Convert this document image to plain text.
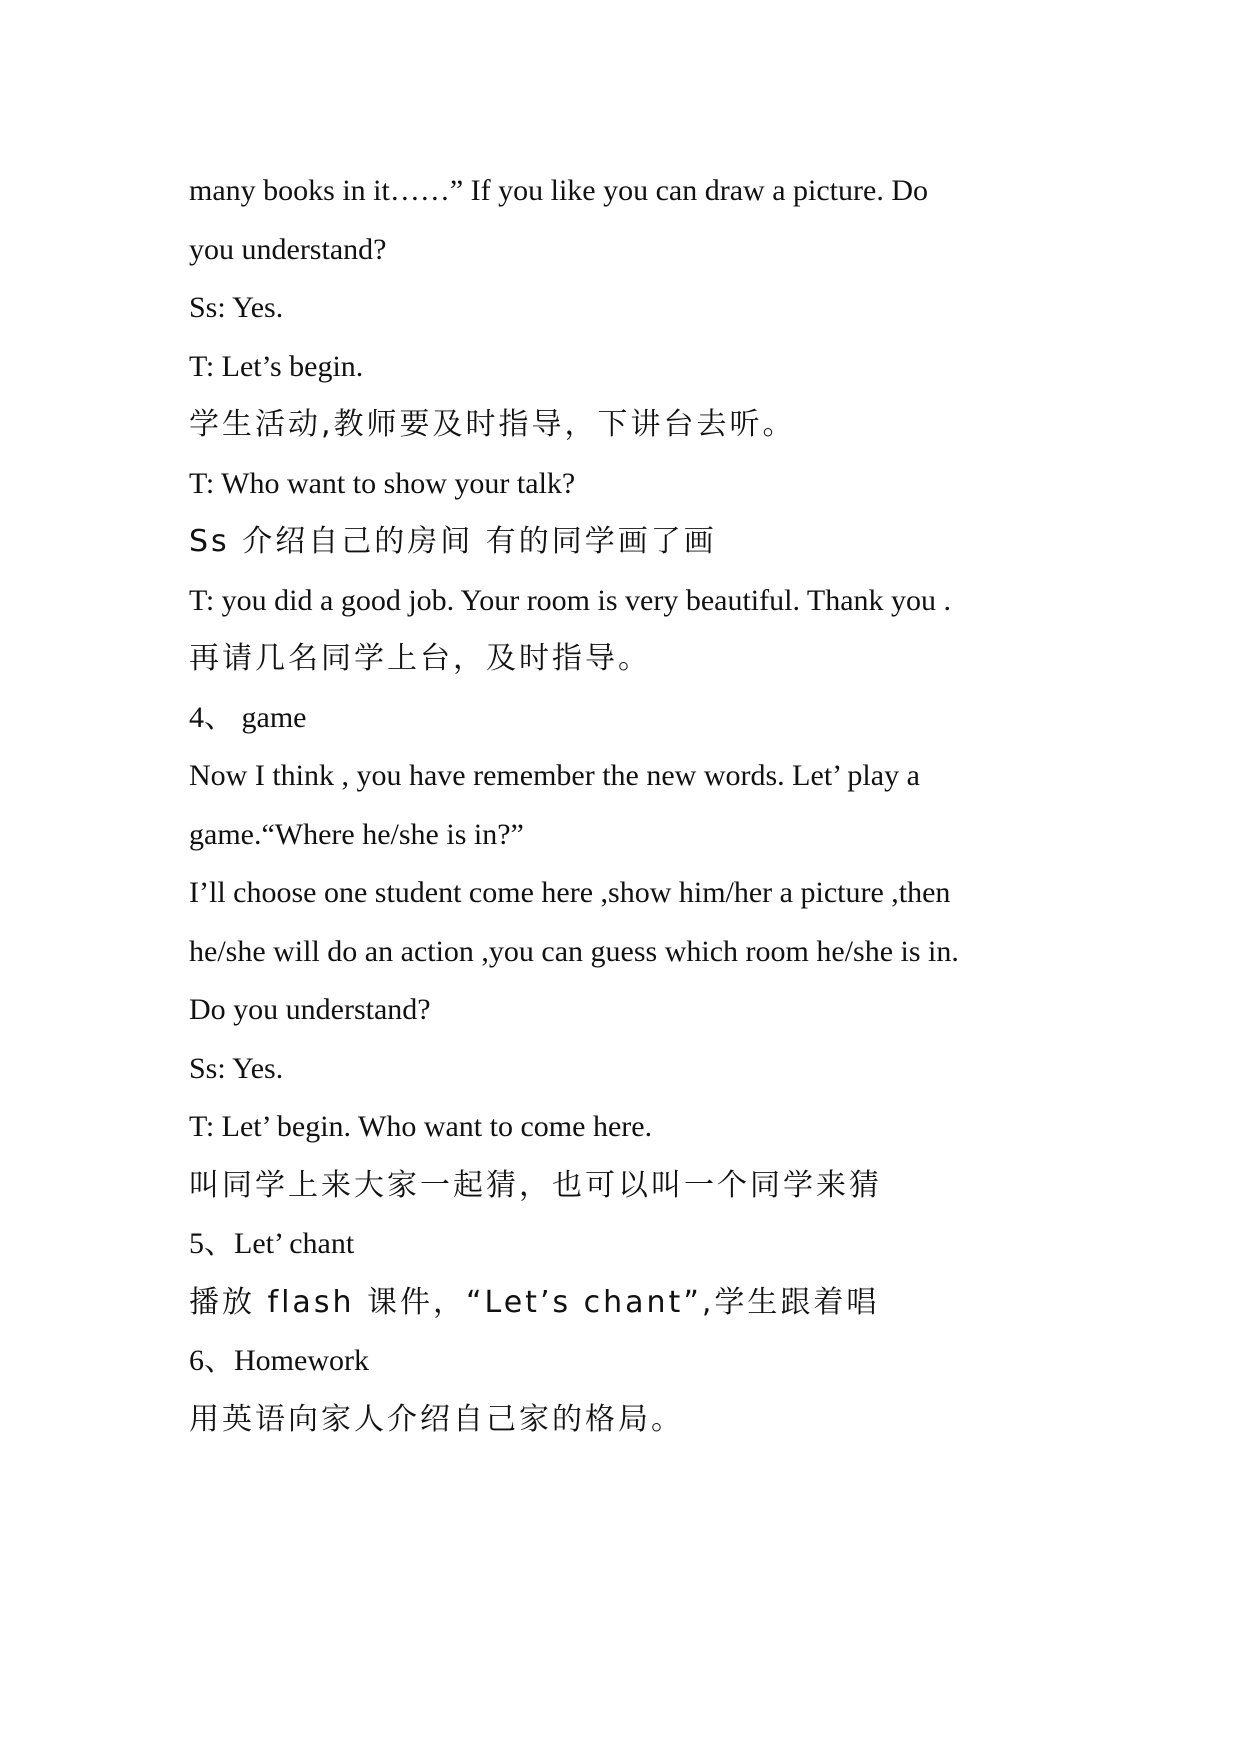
many books in it……” If you like you can draw a picture. Do
you understand?
Ss: Yes.
T: Let’s begin.
学生活动,教师要及时指导，下讲台去听。
T: Who want to show your talk?
Ss 介绍自己的房间 有的同学画了画
T: you did a good job. Your room is very beautiful. Thank you .
再请几名同学上台，及时指导。
4、 game
Now I think , you have remember the new words. Let’ play a
game.“Where he/she is in?”
I’ll choose one student come here ,show him/her a picture ,then
he/she will do an action ,you can guess which room he/she is in.
Do you understand?
Ss: Yes.
T: Let’ begin. Who want to come here.
叫同学上来大家一起猜，也可以叫一个同学来猜
5、Let’ chant
播放 flash 课件，“Let’s chant”,学生跟着唱
6、Homework
用英语向家人介绍自己家的格局。
